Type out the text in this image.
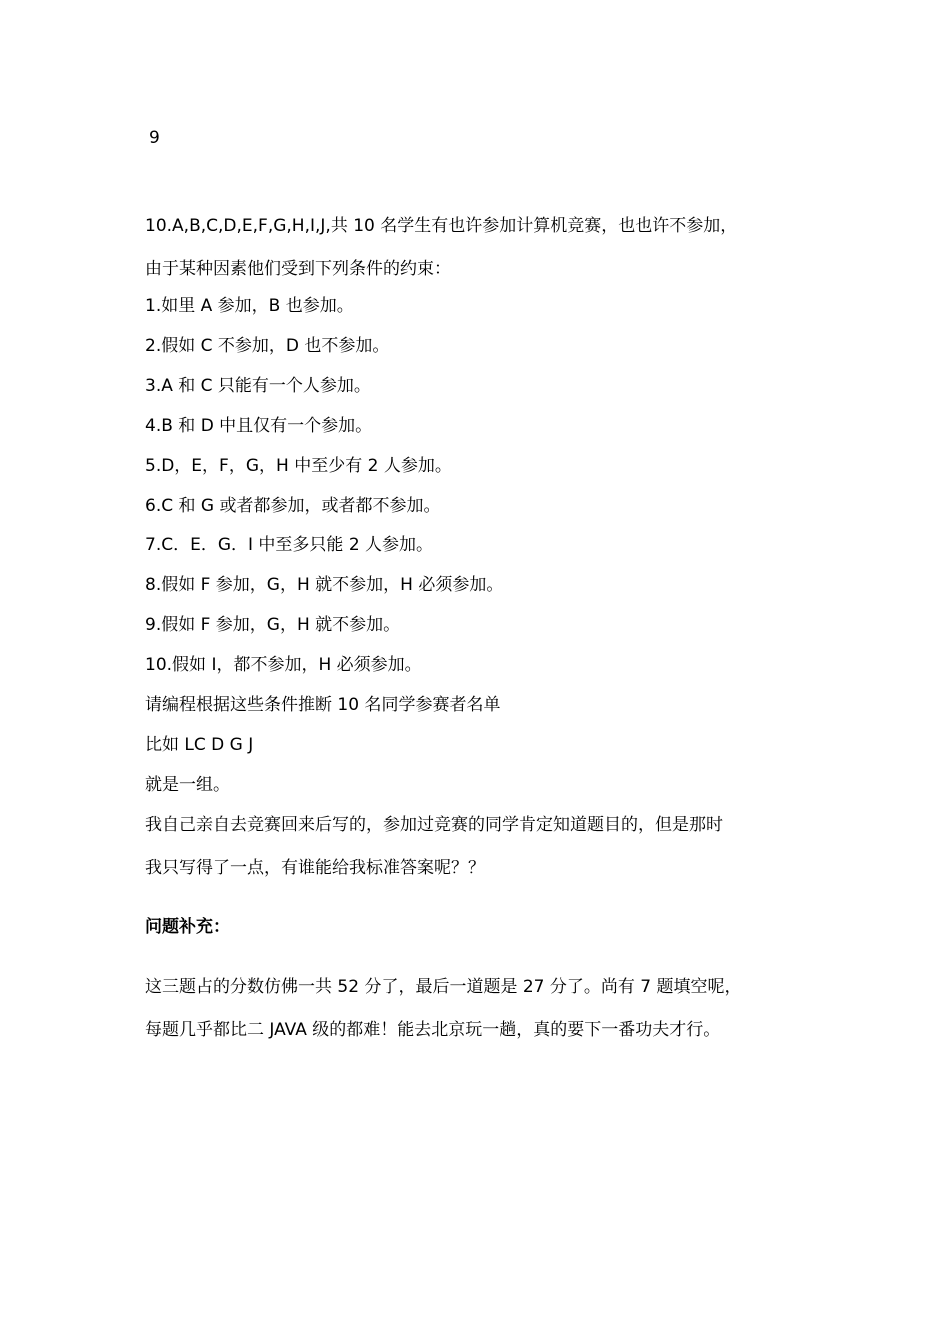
9
10.A,B,C,D,E,F,G,H,I,J,共 10 名学生有也许参加计算机竞赛，也也许不参加，
由于某种因素他们受到下列条件的约束：
1.如里 A 参加，B 也参加。
2.假如 C 不参加，D 也不参加。
3.A 和 C 只能有一个人参加。
4.B 和 D 中且仅有一个参加。
5.D，E，F，G，H 中至少有 2 人参加。
6.C 和 G 或者都参加，或者都不参加。
7.C．E．G．I 中至多只能 2 人参加。
8.假如 F 参加，G，H 就不参加，H 必须参加。
9.假如 F 参加，G，H 就不参加。
10.假如 I，都不参加，H 必须参加。
请编程根据这些条件推断 10 名同学参赛者名单
比如 LC D G J
就是一组。
我自己亲自去竞赛回来后写的，参加过竞赛的同学肯定知道题目的，但是那时
我只写得了一点，有谁能给我标准答案呢？？
问题补充：
这三题占的分数仿佛一共 52 分了，最后一道题是 27 分了。尚有 7 题填空呢，
每题几乎都比二 JAVA 级的都难！能去北京玩一趟，真的要下一番功夫才行。
